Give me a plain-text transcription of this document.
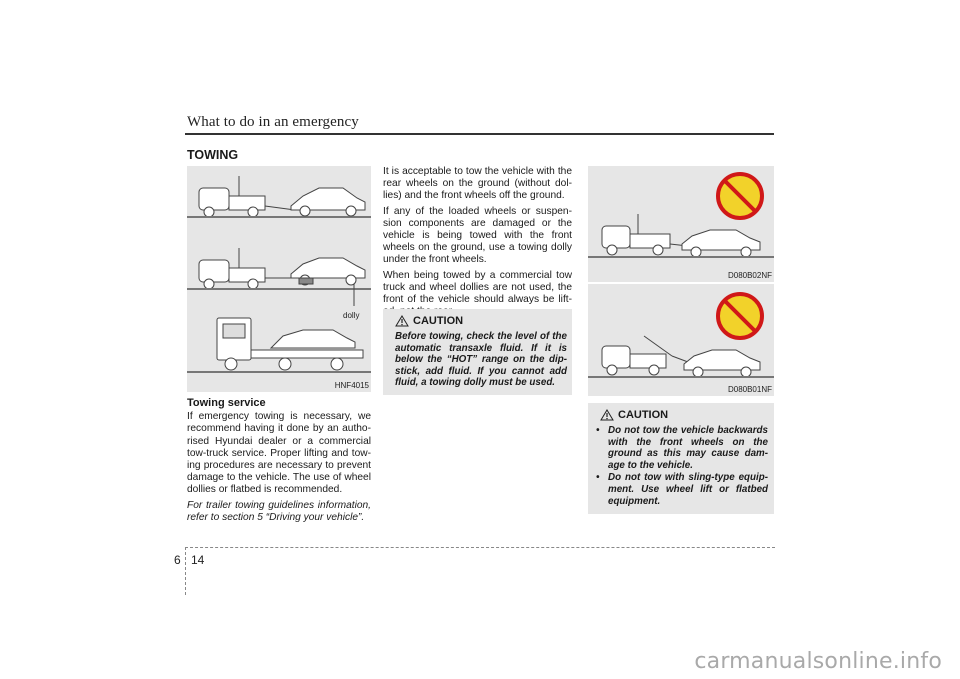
What to do in an emergency
TOWING
dolly
HNF4015
Towing service

If emergency towing is necessary, we recommend having it done by an autho-rised Hyundai dealer or a commercial tow-truck service. Proper lifting and tow-ing procedures are necessary to prevent damage to the vehicle. The use of wheel dollies or flatbed is recommended.

For trailer towing guidelines information, refer to section 5 “Driving your vehicle”.

It is acceptable to tow the vehicle with the rear wheels on the ground (without dol-lies) and the front wheels off the ground.

If any of the loaded wheels or suspen-sion components are damaged or the vehicle is being towed with the front wheels on the ground, use a towing dolly under the front wheels.

When being towed by a commercial tow truck and wheel dollies are not used, the front of the vehicle should always be lift-

CAUTION
Before towing, check the level of the automatic transaxle fluid. If it is below the “HOT” range on the dip-stick, add fluid. If you cannot add fluid, a towing dolly must be used.
D080B02NF
D080B01NF
CAUTION
• Do not tow the vehicle backwards with the front wheels on the ground as this may cause dam-age to the vehicle.
• Do not tow with sling-type equip-ment. Use wheel lift or flatbed equipment.
6 14
carmanualsonline.info
